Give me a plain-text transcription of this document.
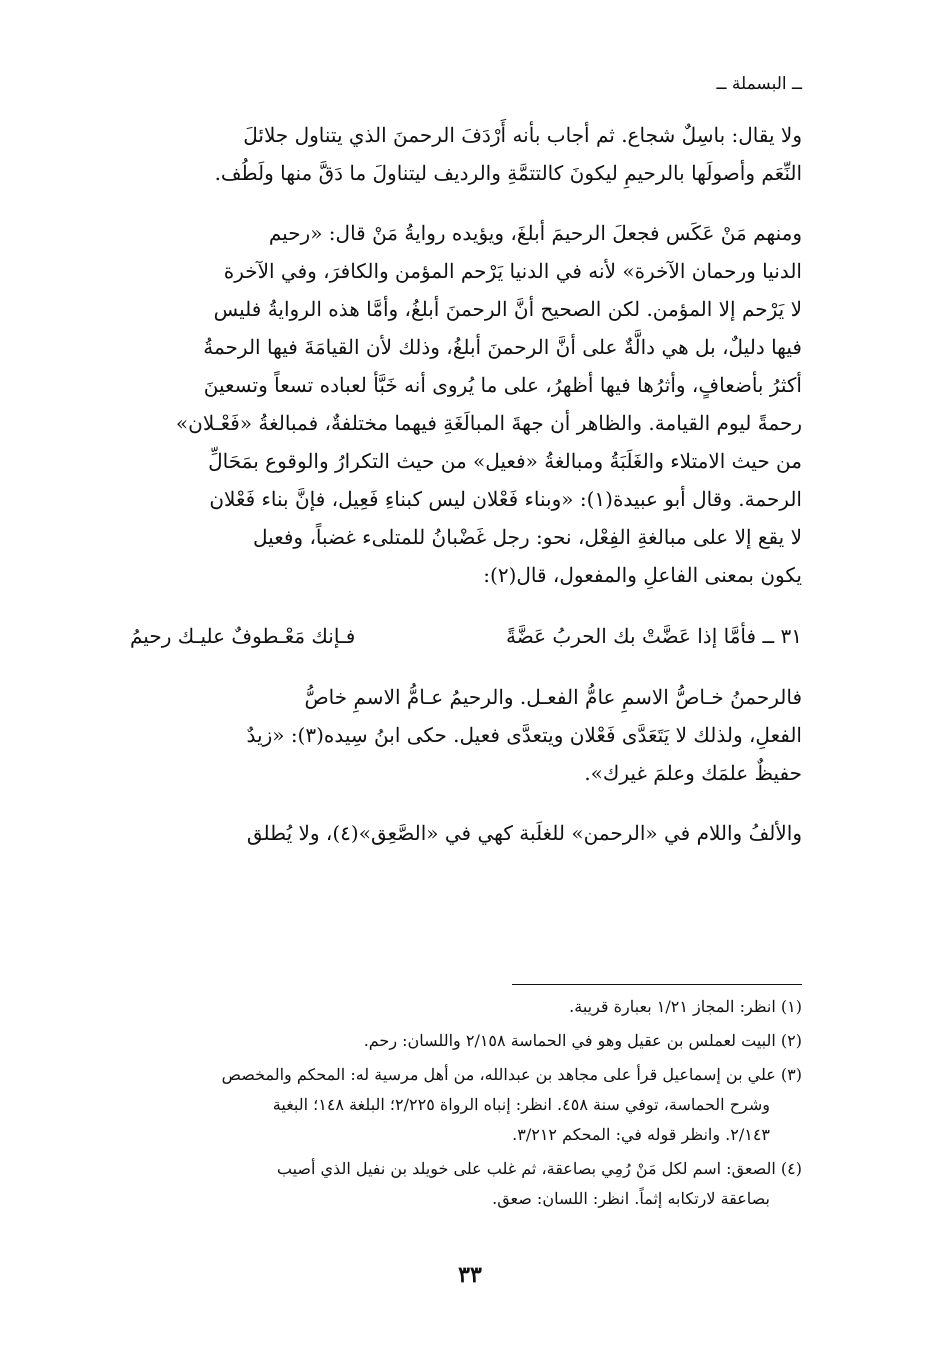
ــ البسملة ــ
ولا يقال: باسِلٌ شجاع. ثم أجاب بأنه أَرْدَفَ الرحمنَ الذي يتناول جلائلَ
النِّعَم وأصولَها بالرحيمِ ليكونَ كالتتمَّةِ والرديف ليتناولَ ما دَقَّ منها ولَطُف.
ومنهم مَنْ عَكَس فجعلَ الرحيمَ أبلغَ، ويؤيده روايةُ مَنْ قال: «رحيم
الدنيا ورحمان الآخرة» لأنه في الدنيا يَرْحم المؤمن والكافرَ، وفي الآخرة
لا يَرْحم إلا المؤمن. لكن الصحيح أنَّ الرحمنَ أبلغُ، وأمَّا هذه الروايةُ فليس
فيها دليلٌ، بل هي دالَّةٌ على أنَّ الرحمنَ أبلغُ، وذلك لأن القيامَةَ فيها الرحمةُ
أكثرُ بأضعافٍ، وأثرُها فيها أظهرُ، على ما يُروى أنه خَبَّأ لعباده تسعاً وتسعينَ
رحمةً ليوم القيامة. والظاهر أن جهةَ المبالَغَةِ فيهما مختلفةٌ، فمبالغةُ «فَعْـلان»
من حيث الامتلاء والغَلَبَةُ ومبالغةُ «فعيل» من حيث التكرارُ والوقوع بمَحَالِّ
الرحمة. وقال أبو عبيدة(١): «وبناء فَعْلان ليس كبناءِ فَعِيل، فإنَّ بناء فَعْلان
لا يقع إلا على مبالغةِ الفِعْل، نحو: رجل غَضْبانُ للمتلىء غضباً، وفعيل
يكون بمعنى الفاعلِ والمفعول، قال(٢):
٣١ ــ فأمَّا إذا عَضَّتْ بك الحربُ عَضَّةً
فـإنك مَعْـطوفٌ عليـك رحيمُ
فالرحمنُ خـاصُّ الاسمِ عامُّ الفعـل. والرحيمُ عـامُّ الاسمِ خاصُّ
الفعلِ، ولذلك لا يَتَعَدَّى فَعْلان ويتعدَّى فعيل. حكى ابنُ سِيده(٣): «زيدٌ
حفيظٌ علمَك وعلمَ غيرك».
والألفُ واللام في «الرحمن» للغلَبة كهي في «الصَّعِق»(٤)، ولا يُطلق
(١) انظر: المجاز ١/٢١ بعبارة قريبة.
(٢) البيت لعملس بن عقيل وهو في الحماسة ٢/١٥٨ واللسان: رحم.
(٣) علي بن إسماعيل قرأ على مجاهد بن عبدالله، من أهل مرسية له: المحكم والمخصص
وشرح الحماسة، توفي سنة ٤٥٨. انظر: إنباه الرواة ٢/٢٢٥؛ البلغة ١٤٨؛ البغية
٢/١٤٣. وانظر قوله في: المحكم ٣/٢١٢.
(٤) الصعق: اسم لكل مَنْ رُمِي بصاعقة، ثم غلب على خويلد بن نفيل الذي أصيب
بصاعقة لارتكابه إثماً. انظر: اللسان: صعق.
٣٣
